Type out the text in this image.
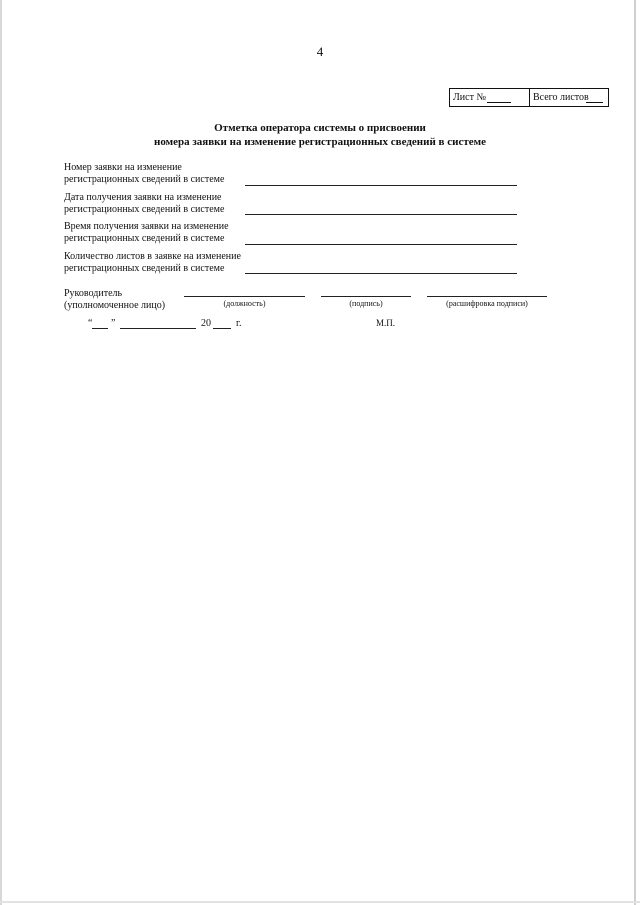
4
Лист №	Всего листов
Отметка оператора системы о присвоении
номера заявки на изменение регистрационных сведений в системе
Номер заявки на изменение
регистрационных сведений в системе
Дата получения заявки на изменение
регистрационных сведений в системе
Время получения заявки на изменение
регистрационных сведений в системе
Количество листов в заявке на изменение
регистрационных сведений в системе
Руководитель
(уполномоченное лицо)	(должность)	(подпись)	(расшифровка подписи)
“ ”	20	г.	М.П.
